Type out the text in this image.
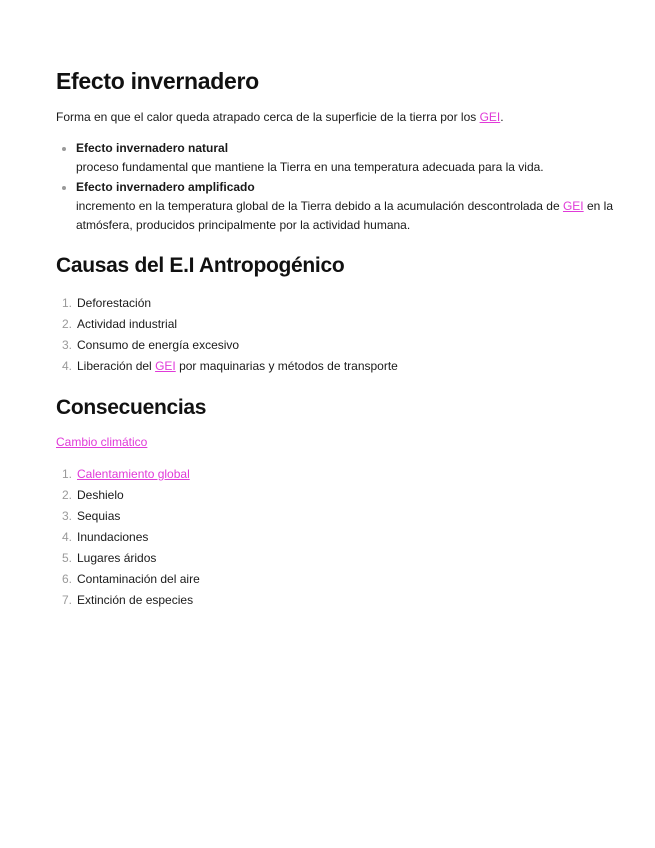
Efecto invernadero

Forma en que el calor queda atrapado cerca de la superficie de la tierra por los GEI.

Efecto invernadero natural
proceso fundamental que mantiene la Tierra en una temperatura adecuada para la vida.
Efecto invernadero amplificado
incremento en la temperatura global de la Tierra debido a la acumulación descontrolada de GEI en la atmósfera, producidos principalmente por la actividad humana.
Causas del E.I Antropogénico
1. Deforestación
2. Actividad industrial
3. Consumo de energía excesivo
4. Liberación del GEI por maquinarias y métodos de transporte
Consecuencias

Cambio climático

1. Calentamiento global
2. Deshielo
3. Sequias
4. Inundaciones
5. Lugares áridos
6. Contaminación del aire
7. Extinción de especies
